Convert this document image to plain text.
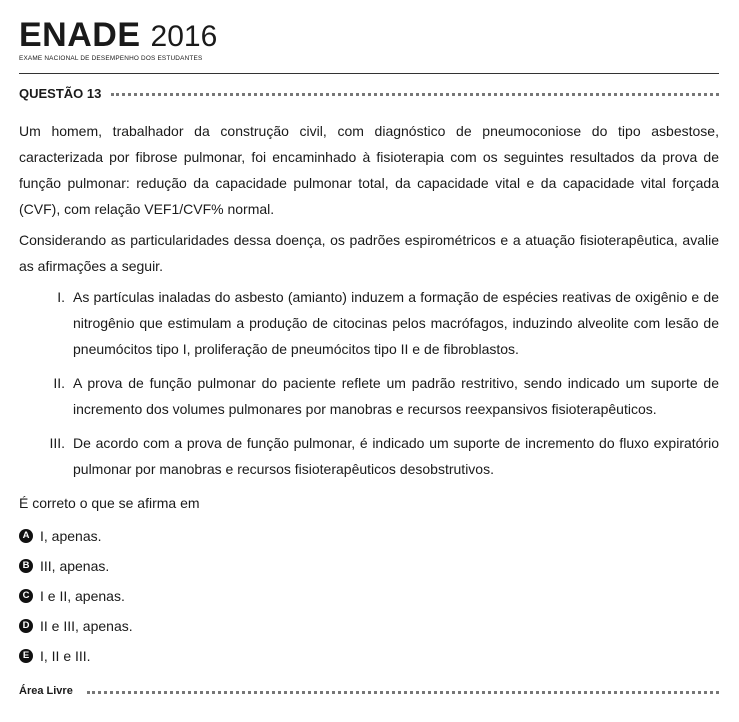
ENADE 2016
EXAME NACIONAL DE DESEMPENHO DOS ESTUDANTES
QUESTÃO 13

Um homem, trabalhador da construção civil, com diagnóstico de pneumoconiose do tipo asbestose, caracterizada por fibrose pulmonar, foi encaminhado à fisioterapia com os seguintes resultados da prova de função pulmonar: redução da capacidade pulmonar total, da capacidade vital e da capacidade vital forçada (CVF), com relação VEF1/CVF% normal.

Considerando as particularidades dessa doença, os padrões espirométricos e a atuação fisioterapêutica, avalie as afirmações a seguir.

I. As partículas inaladas do asbesto (amianto) induzem a formação de espécies reativas de oxigênio e de nitrogênio que estimulam a produção de citocinas pelos macrófagos, induzindo alveolite com lesão de pneumócitos tipo I, proliferação de pneumócitos tipo II e de fibroblastos.
II. A prova de função pulmonar do paciente reflete um padrão restritivo, sendo indicado um suporte de incremento dos volumes pulmonares por manobras e recursos reexpansivos fisioterapêuticos.
III. De acordo com a prova de função pulmonar, é indicado um suporte de incremento do fluxo expiratório pulmonar por manobras e recursos fisioterapêuticos desobstrutivos.

É correto o que se afirma em

A I, apenas.
B III, apenas.
C I e II, apenas.
D II e III, apenas.
E I, II e III.
Área Livre
